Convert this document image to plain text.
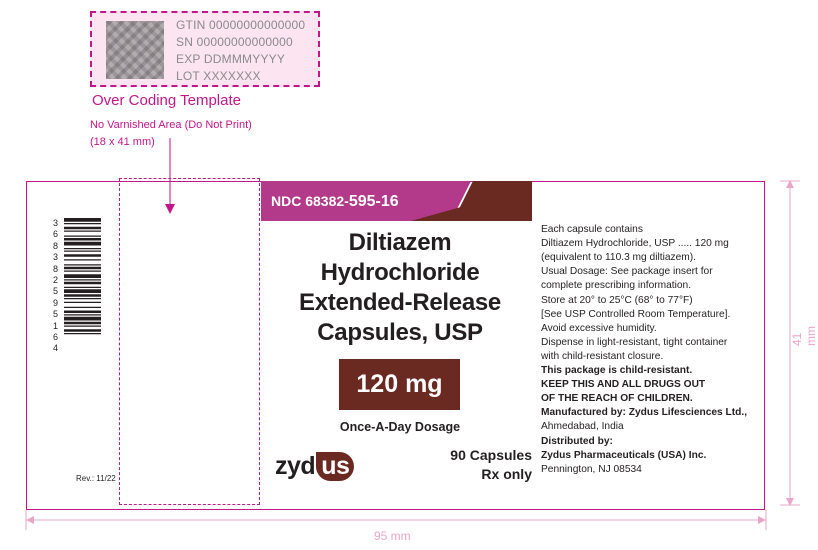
GTIN 00000000000000
SN 00000000000000
EXP DDMMMYYYY
LOT XXXXXXX
Over Coding Template
No Varnished Area (Do Not Print)
(18 x 41 mm)
NDC 68382-595-16
Diltiazem
Hydrochloride
Extended-Release
Capsules, USP
120 mg
Once-A-Day Dosage
zyd us	90 Capsules
Rx only
Each capsule contains
Diltiazem Hydrochloride, USP ..... 120 mg
(equivalent to 110.3 mg diltiazem).
Usual Dosage: See package insert for
complete prescribing information.
Store at 20° to 25°C (68° to 77°F)
[See USP Controlled Room Temperature].
Avoid excessive humidity.
Dispense in light-resistant, tight container
with child-resistant closure.
This package is child-resistant.
KEEP THIS AND ALL DRUGS OUT
OF THE REACH OF CHILDREN.
Manufactured by: Zydus Lifesciences Ltd.,
Ahmedabad, India
Distributed by:
Zydus Pharmaceuticals (USA) Inc.
Pennington, NJ 08534
3
6
8
3
8
2
5
9
5
1
6
4
Rev.: 11/22
95 mm
41 mm
